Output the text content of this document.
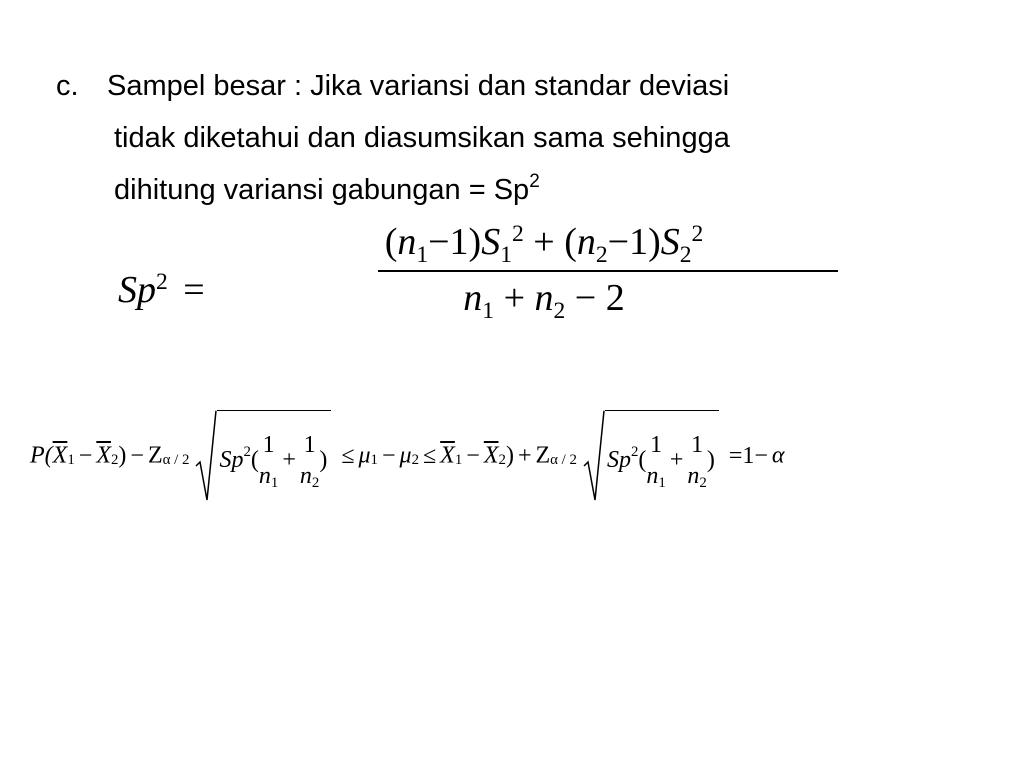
c. Sampel besar : Jika variansi dan standar deviasi
tidak diketahui dan diasumsikan sama sehingga
dihitung variansi gabungan = $Sp^2$
$Sp^2$ =
$(n1-1)S1^2 + (n2-1)S2^2$
n1 + n2 − 2
$P(\overline{X}1 - \overline{X}2) - Z\alpha / 2$ Sp 2 (
1
n1
+
1
n2
) ≤ $\mu 1 - \mu 2 \le \overline{X}1 - \overline{X}2) + Z\alpha / 2$ Sp 2 (
1
n1
+
1
n2
) =1− α
